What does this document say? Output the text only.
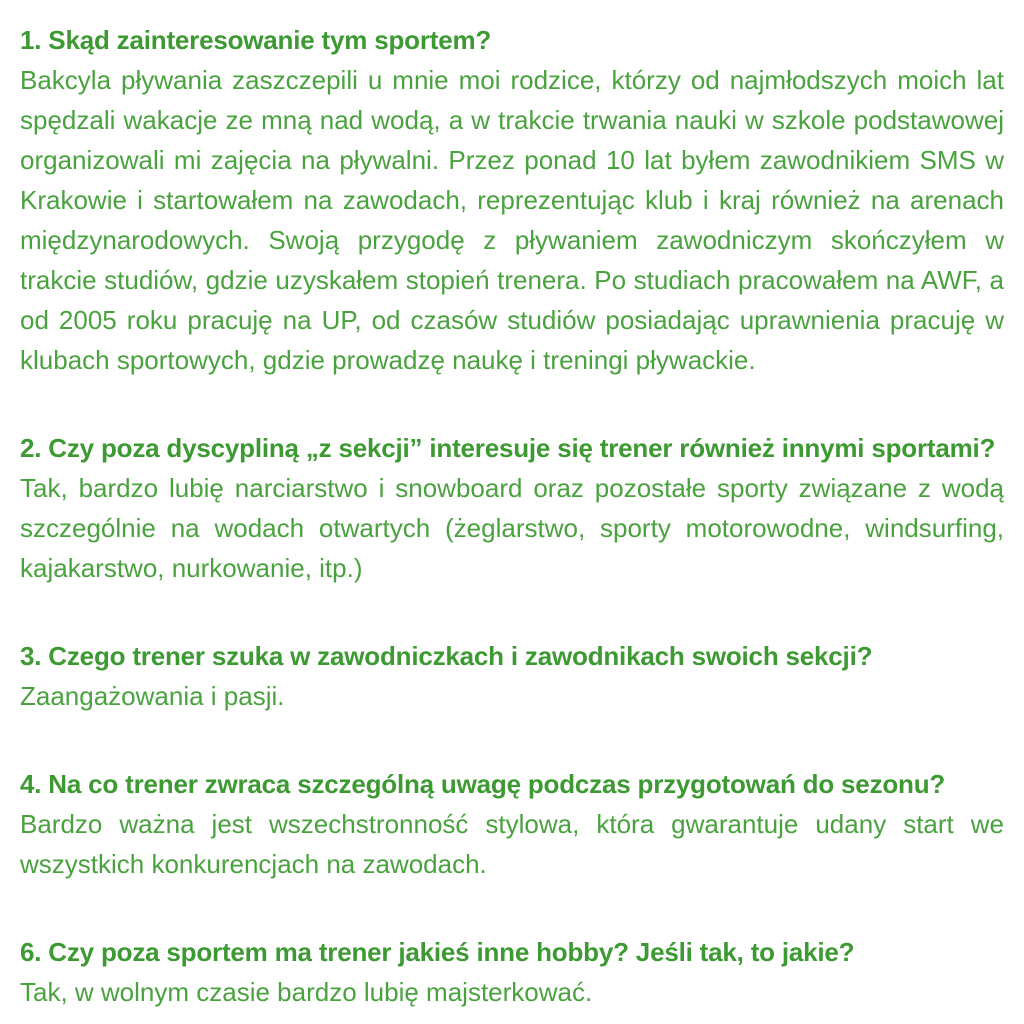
1. Skąd zainteresowanie tym sportem?

Bakcyla pływania zaszczepili u mnie moi rodzice, którzy od najmłodszych moich lat spędzali wakacje ze mną nad wodą, a w trakcie trwania nauki w szkole podstawowej organizowali mi zajęcia na pływalni. Przez ponad 10 lat byłem zawodnikiem SMS w Krakowie i startowałem na zawodach, reprezentując klub i kraj również na arenach międzynarodowych. Swoją przygodę z pływaniem zawodniczym skończyłem w trakcie studiów, gdzie uzyskałem stopień trenera. Po studiach pracowałem na AWF, a od 2005 roku pracuję na UP, od czasów studiów posiadając uprawnienia pracuję w klubach sportowych, gdzie prowadzę naukę i treningi pływackie.

2. Czy poza dyscypliną „z sekcji” interesuje się trener również innymi sportami?

Tak, bardzo lubię narciarstwo i snowboard oraz pozostałe sporty związane z wodą szczególnie na wodach otwartych (żeglarstwo, sporty motorowodne, windsurfing, kajakarstwo, nurkowanie, itp.)

3. Czego trener szuka w zawodniczkach i zawodnikach swoich sekcji?

Zaangażowania i pasji.

4. Na co trener zwraca szczególną uwagę podczas przygotowań do sezonu?

Bardzo ważna jest wszechstronność stylowa, która gwarantuje udany start we wszystkich konkurencjach na zawodach.

6. Czy poza sportem ma trener jakieś inne hobby? Jeśli tak, to jakie?

Tak, w wolnym czasie bardzo lubię majsterkować.
